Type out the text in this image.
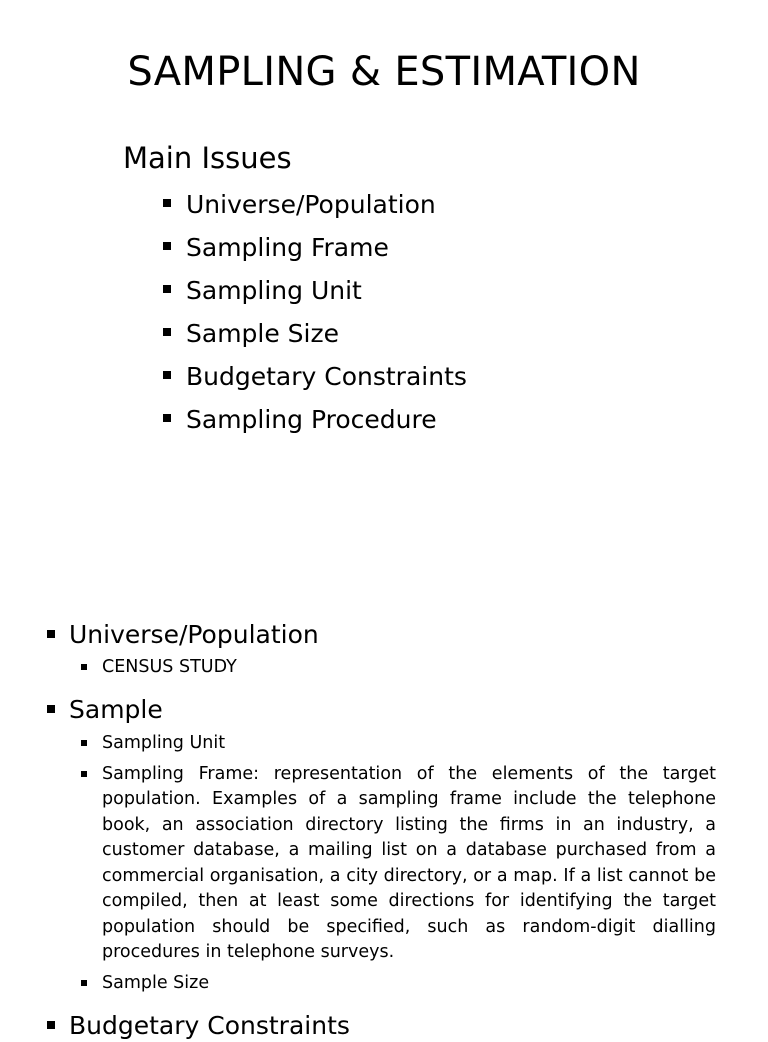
SAMPLING & ESTIMATION
Main Issues
Universe/Population
Sampling Frame
Sampling Unit
Sample Size
Budgetary Constraints
Sampling Procedure
Universe/Population
CENSUS STUDY
Sample
Sampling Unit
Sampling Frame: representation of the elements of the target population. Examples of a sampling frame include the telephone book, an association directory listing the firms in an industry, a customer database, a mailing list on a database purchased from a commercial organisation, a city directory, or a map. If a list cannot be compiled, then at least some directions for identifying the target population should be specified, such as random-digit dialling procedures in telephone surveys.
Sample Size
Budgetary Constraints
